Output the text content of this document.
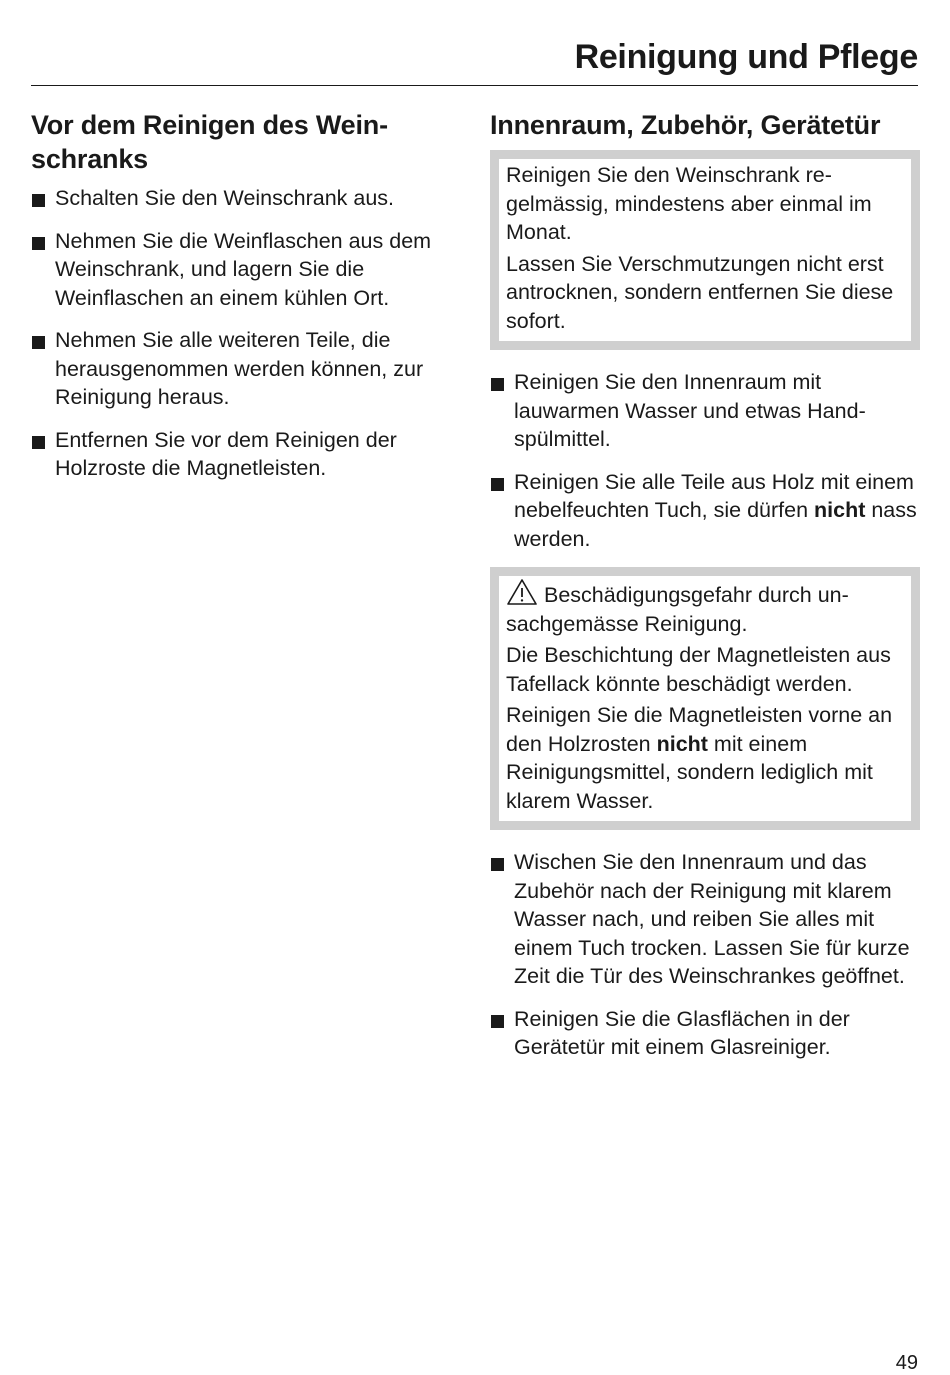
Reinigung und Pflege
Vor dem Reinigen des Wein-
schranks
Schalten Sie den Weinschrank aus.
Nehmen Sie die Weinflaschen aus dem Weinschrank, und lagern Sie die Weinflaschen an einem kühlen Ort.
Nehmen Sie alle weiteren Teile, die herausgenommen werden können, zur Reinigung heraus.
Entfernen Sie vor dem Reinigen der Holzroste die Magnetleisten.
Innenraum, Zubehör, Gerätetür

Reinigen Sie den Weinschrank regelmässig, mindestens aber einmal im Monat.

Lassen Sie Verschmutzungen nicht erst antrocknen, sondern entfernen Sie diese sofort.

Reinigen Sie den Innenraum mit lauwarmen Wasser und etwas Handspülmittel.
Reinigen Sie alle Teile aus Holz mit einem nebelfeuchten Tuch, sie dürfen nicht nass werden.

Beschädigungsgefahr durch unsachgemässe Reinigung.

Die Beschichtung der Magnetleisten aus Tafellack könnte beschädigt werden.

Reinigen Sie die Magnetleisten vorne an den Holzrosten nicht mit einem Reinigungsmittel, sondern lediglich mit klarem Wasser.

Wischen Sie den Innenraum und das Zubehör nach der Reinigung mit klarem Wasser nach, und reiben Sie alles mit einem Tuch trocken. Lassen Sie für kurze Zeit die Tür des Weinschrankes geöffnet.
Reinigen Sie die Glasflächen in der Gerätetür mit einem Glasreiniger.
49
